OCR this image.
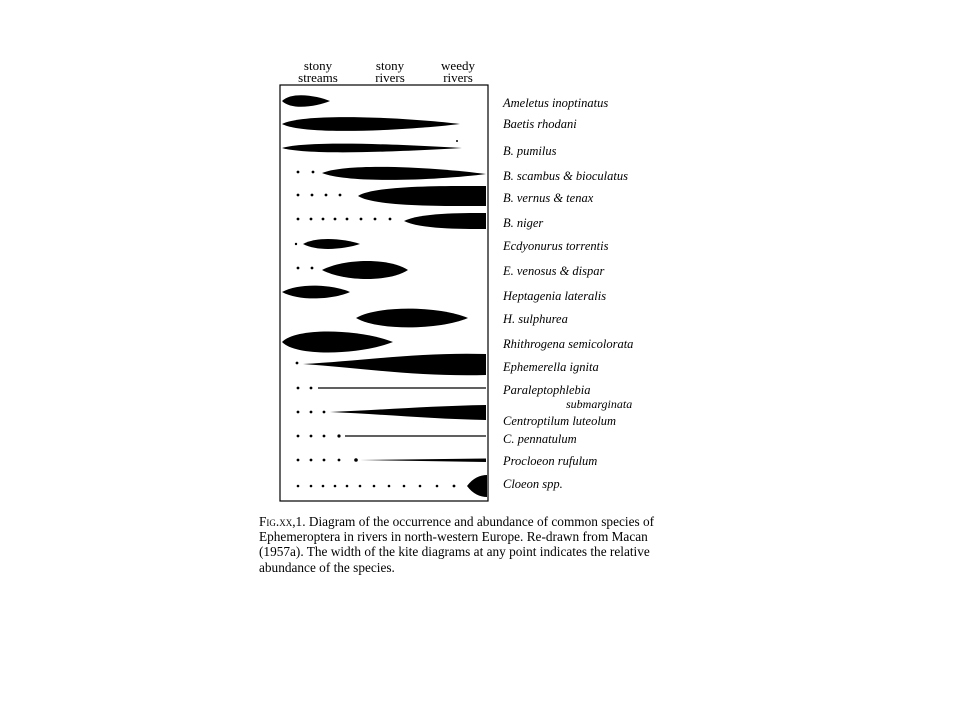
stony
streams
stony
rivers
weedy
rivers
Ameletus inoptinatus
Baetis rhodani
B. pumilus
B. scambus & bioculatus
B. vernus & tenax
B. niger
Ecdyonurus torrentis
E. venosus & dispar
Heptagenia lateralis
H. sulphurea
Rhithrogena semicolorata
Ephemerella ignita
Paraleptophlebia
submarginata
Centroptilum luteolum
C. pennatulum
Procloeon rufulum
Cloeon spp.
Fig.xx,1. Diagram of the occurrence and abundance of common species of Ephemeroptera in rivers in north-western Europe. Re-drawn from Macan (1957a). The width of the kite diagrams at any point indicates the relative abundance of the species.
